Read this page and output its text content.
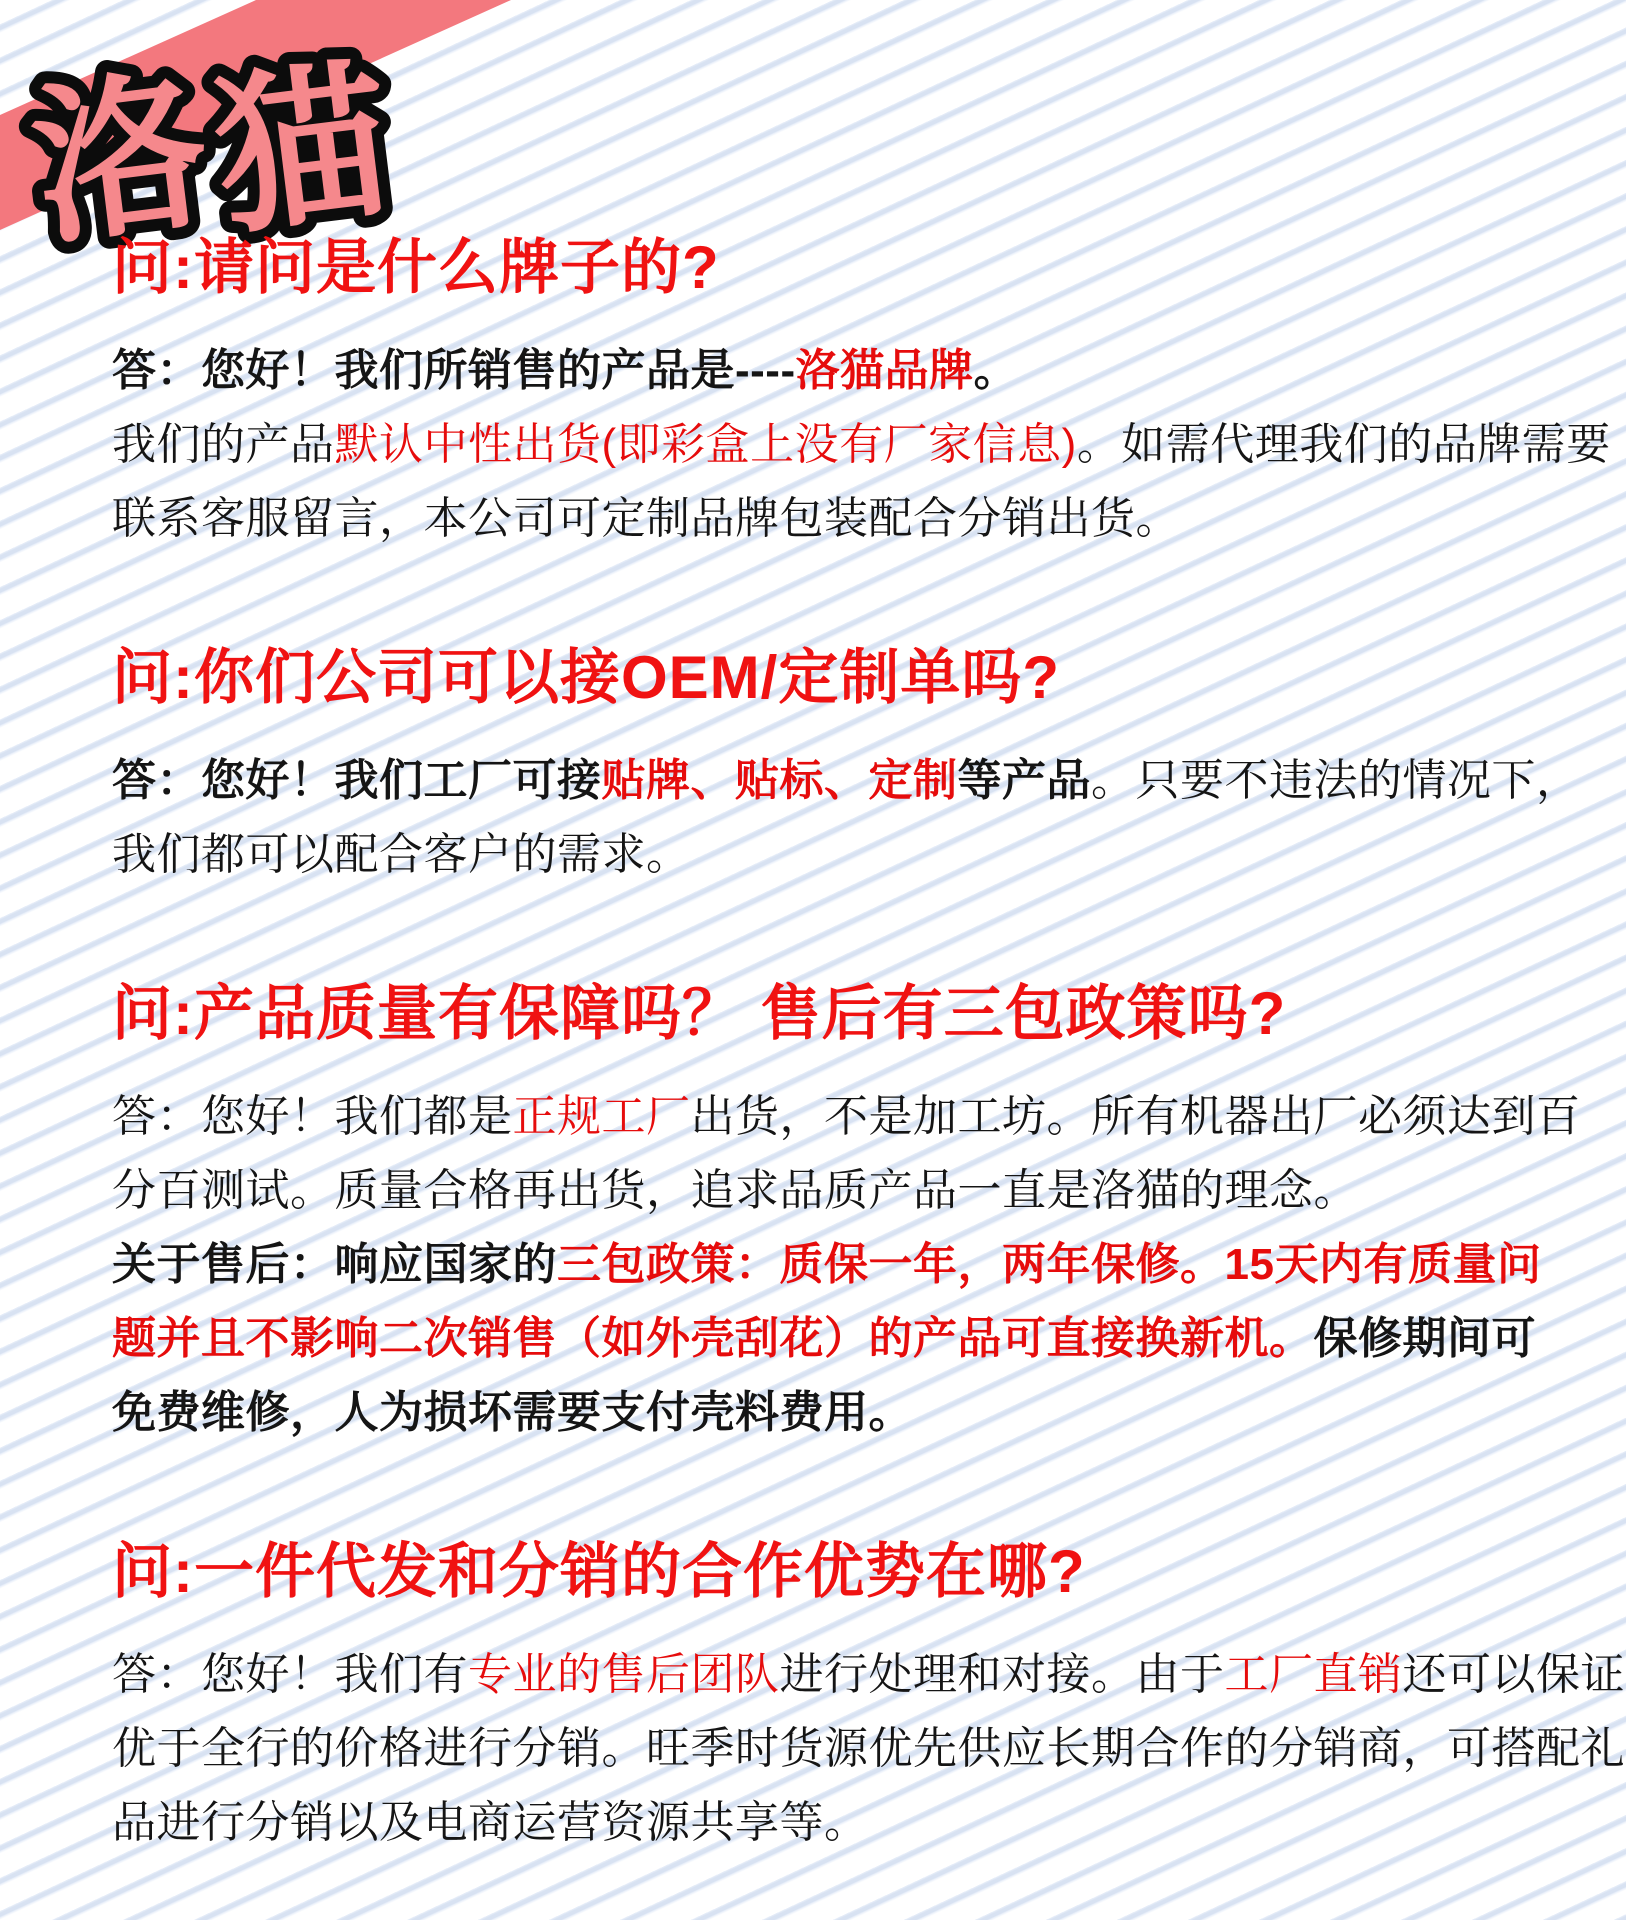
洛
猫
问:请问是什么牌子的?
答：您好！我们所销售的产品是----洛猫品牌。
我们的产品默认中性出货(即彩盒上没有厂家信息)。如需代理我们的品牌需要
联系客服留言，本公司可定制品牌包装配合分销出货。
问:你们公司可以接OEM/定制单吗?
答：您好！我们工厂可接贴牌、贴标、定制等产品。只要不违法的情况下，
我们都可以配合客户的需求。
问:产品质量有保障吗？ 售后有三包政策吗?
答：您好！我们都是正规工厂出货，不是加工坊。所有机器出厂必须达到百
分百测试。质量合格再出货，追求品质产品一直是洛猫的理念。
关于售后：响应国家的三包政策：质保一年，两年保修。15天内有质量问
题并且不影响二次销售（如外壳刮花）的产品可直接换新机。保修期间可
免费维修，人为损坏需要支付壳料费用。
问:一件代发和分销的合作优势在哪?
答：您好！我们有专业的售后团队进行处理和对接。由于工厂直销还可以保证
优于全行的价格进行分销。旺季时货源优先供应长期合作的分销商，可搭配礼
品进行分销以及电商运营资源共享等。
